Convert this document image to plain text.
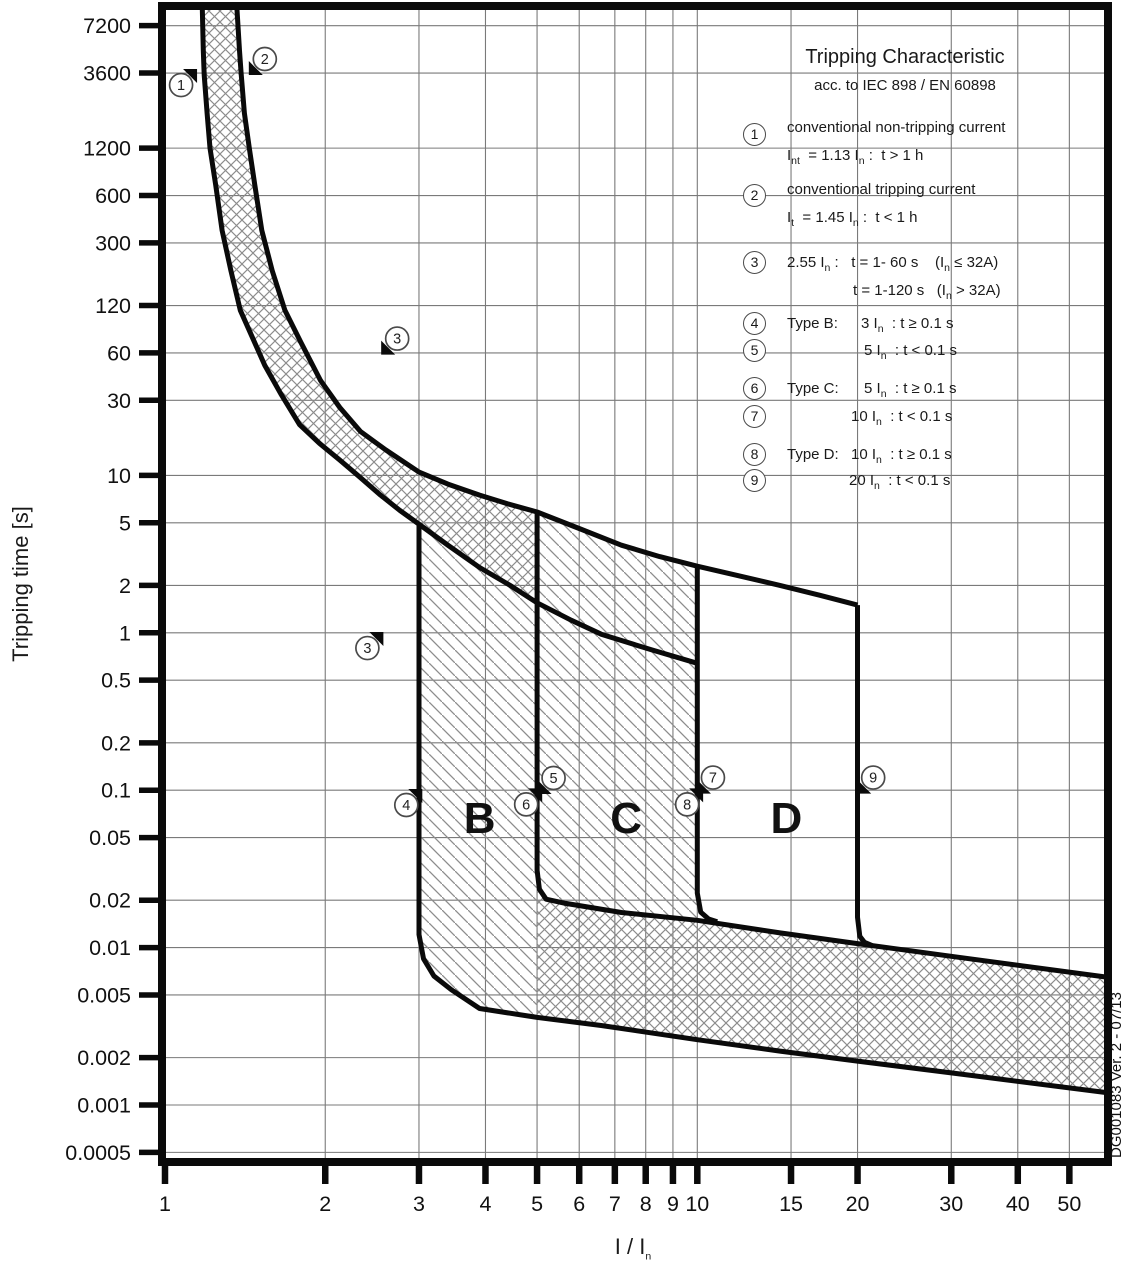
7200
3600
1200
600
300
120
60
30
10
5
2
1
0.5
0.2
0.1
0.05
0.02
0.01
0.005
0.002
0.001
0.0005
1	2	3	4 5 6 7 8 9 10	15 20	30 40 50
B	C	D
1
2
3
3
4
5
6
7
8
9
DG001083 Ver. 2 - 07/13
Tripping time [s]
I / $I_n$
Tripping Characteristic
acc. to IEC 898 / EN 60898
1
2
3
4
5
6
7
8
9
conventional non-tripping current
$I_{nt} = 1.13$ $I_n$ :  t > 1 h
conventional tripping current
$I_t = 1.45$ $I_n$ :  t < 1 h
2.55 $I_n$ :   t = 1- 60 s    $(I_n \le 32A)$
t = 1-120 s   $(I_n > 32A)$
Type B: 3 $I_n$  : t ≥ 0.1 s
5 $I_n$  : t < 0.1 s
Type C: 5 $I_n$  : t ≥ 0.1 s
10 $I_n$  : t < 0.1 s
Type D: 10 $I_n$  : t ≥ 0.1 s
20 $I_n$  : t < 0.1 s
